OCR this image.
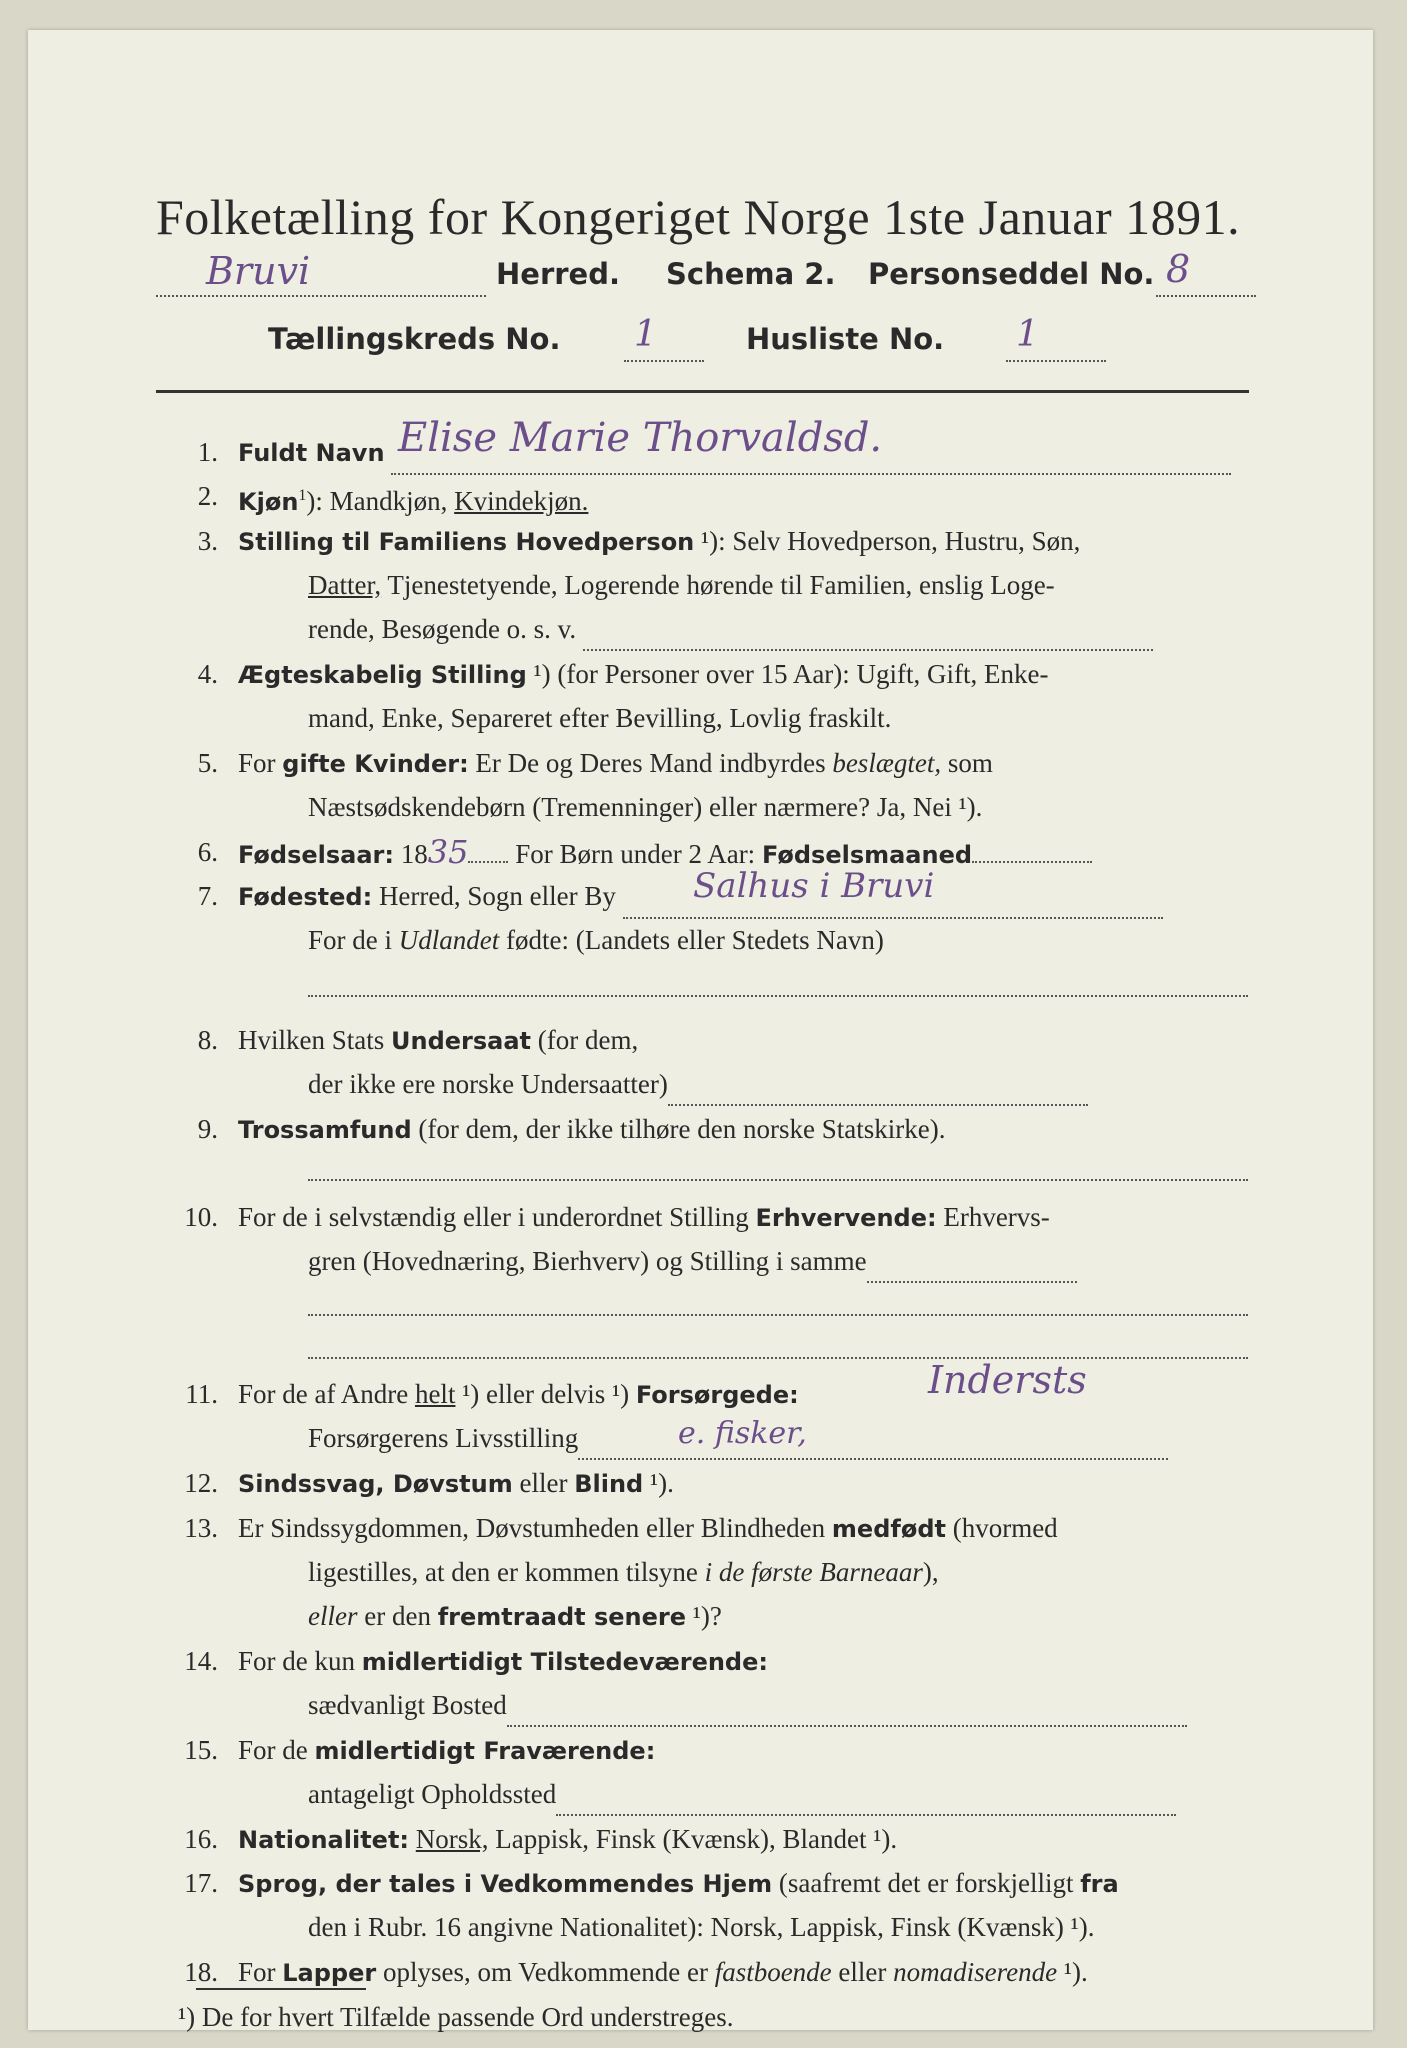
Folketælling for Kongeriget Norge 1ste Januar 1891.
Bruvi	Herred. Schema 2. Personseddel No. 8
Tællingskreds No. 1	Husliste No. 1
1. Fuldt Navn Elise Marie Thorvaldsd.
2. Kjøn$^1$): Mandkjøn, Kvindekjøn.
3. Stilling til Familiens Hovedperson ¹): Selv Hovedperson, Hustru, Søn,
Datter, Tjenestetyende, Logerende hørende til Familien, enslig Loge-
rende, Besøgende o. s. v.
4. Ægteskabelig Stilling ¹) (for Personer over 15 Aar): Ugift, Gift, Enke-
mand, Enke, Separeret efter Bevilling, Lovlig fraskilt.
5. For gifte Kvinder: Er De og Deres Mand indbyrdes beslægtet, som
Næstsødskendebørn (Tremenninger) eller nærmere? Ja, Nei ¹).
6. Fødselsaar: 1835 For Børn under 2 Aar: Fødselsmaaned
7. Fødested: Herred, Sogn eller By	Salhus i Bruvi
For de i Udlandet fødte: (Landets eller Stedets Navn)
8. Hvilken Stats Undersaat (for dem,
der ikke ere norske Undersaatter)
9. Trossamfund (for dem, der ikke tilhøre den norske Statskirke).
10. For de i selvstændig eller i underordnet Stilling Erhvervende: Erhvervs-
gren (Hovednæring, Bierhverv) og Stilling i samme
11. For de af Andre helt ¹) eller delvis ¹) Forsørgede:	Indersts
Forsørgerens Livsstilling	e. fisker,
12. Sindssvag, Døvstum eller Blind ¹).
13. Er Sindssygdommen, Døvstumheden eller Blindheden medfødt (hvormed
ligestilles, at den er kommen tilsyne i de første Barneaar),
eller er den fremtraadt senere ¹)?
14. For de kun midlertidigt Tilstedeværende:
sædvanligt Bosted
15. For de midlertidigt Fraværende:
antageligt Opholdssted
16. Nationalitet: Norsk, Lappisk, Finsk (Kvænsk), Blandet ¹).
17. Sprog, der tales i Vedkommendes Hjem (saafremt det er forskjelligt fra
den i Rubr. 16 angivne Nationalitet): Norsk, Lappisk, Finsk (Kvænsk) ¹).
18. For Lapper oplyses, om Vedkommende er fastboende eller nomadiserende ¹).
¹) De for hvert Tilfælde passende Ord understreges.
